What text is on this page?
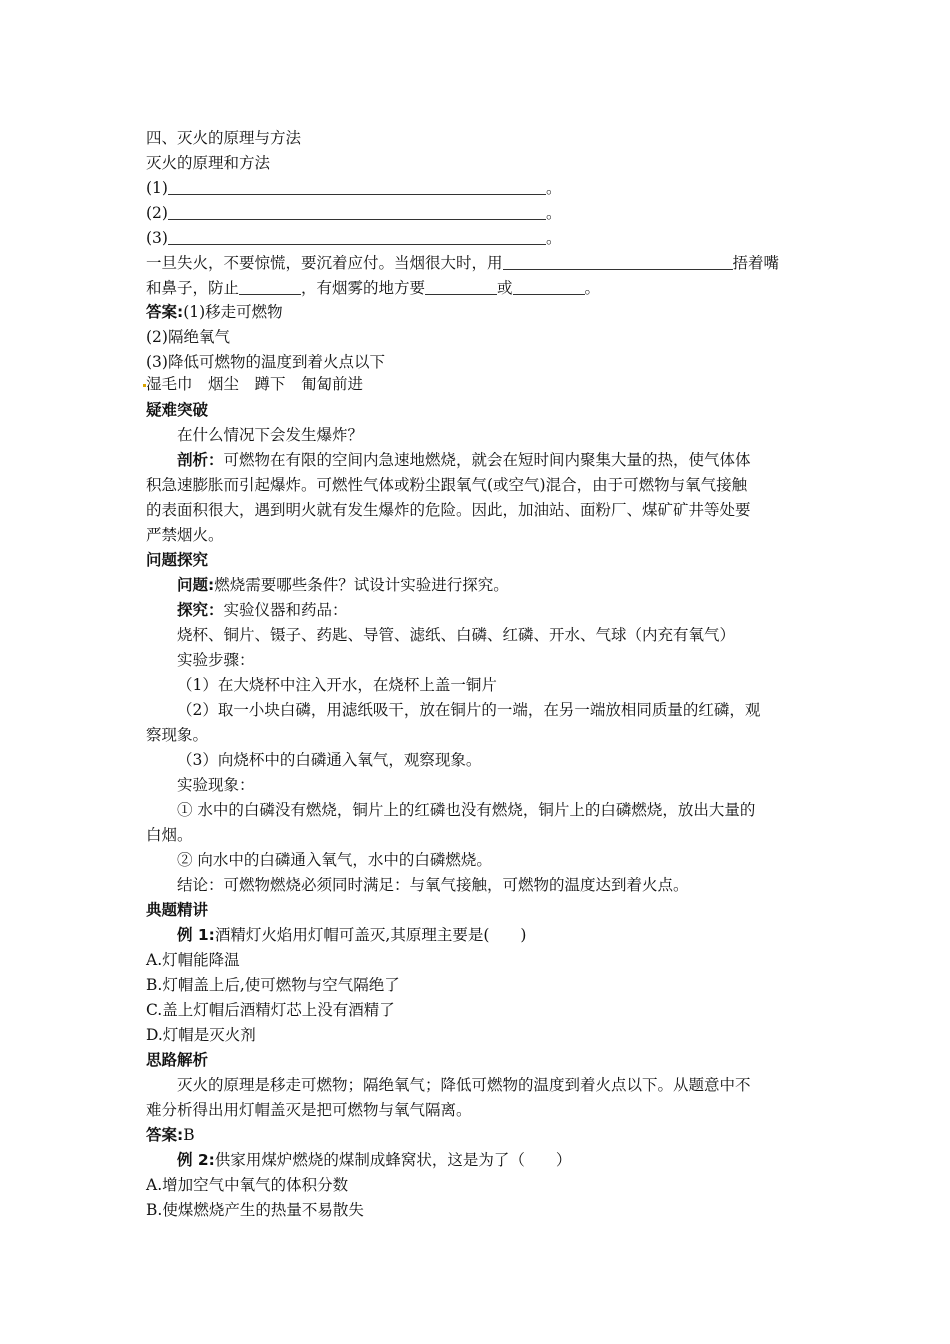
四、灭火的原理与方法
灭火的原理和方法
(1)	。
(2)	。
(3)	。
一旦失火，不要惊慌，要沉着应付。当烟很大时，用	捂着嘴
和鼻子，防止	，有烟雾的地方要	或	。
答案:(1)移走可燃物
(2)隔绝氧气
(3)降低可燃物的温度到着火点以下
湿毛巾　烟尘　蹲下　匍匐前进
疑难突破
在什么情况下会发生爆炸？
剖析：可燃物在有限的空间内急速地燃烧，就会在短时间内聚集大量的热，使气体体
积急速膨胀而引起爆炸。可燃性气体或粉尘跟氧气(或空气)混合，由于可燃物与氧气接触
的表面积很大，遇到明火就有发生爆炸的危险。因此，加油站、面粉厂、煤矿矿井等处要
严禁烟火。
问题探究
问题:燃烧需要哪些条件？试设计实验进行探究。
探究：实验仪器和药品：
烧杯、铜片、镊子、药匙、导管、滤纸、白磷、红磷、开水、气球（内充有氧气）
实验步骤：
（1）在大烧杯中注入开水，在烧杯上盖一铜片
（2）取一小块白磷，用滤纸吸干，放在铜片的一端，在另一端放相同质量的红磷，观
察现象。
（3）向烧杯中的白磷通入氧气，观察现象。
实验现象：
① 水中的白磷没有燃烧，铜片上的红磷也没有燃烧，铜片上的白磷燃烧，放出大量的
白烟。
② 向水中的白磷通入氧气，水中的白磷燃烧。
结论：可燃物燃烧必须同时满足：与氧气接触，可燃物的温度达到着火点。
典题精讲
例 1:酒精灯火焰用灯帽可盖灭,其原理主要是(　　)
A.灯帽能降温
B.灯帽盖上后,使可燃物与空气隔绝了
C.盖上灯帽后酒精灯芯上没有酒精了
D.灯帽是灭火剂
思路解析
灭火的原理是移走可燃物；隔绝氧气；降低可燃物的温度到着火点以下。从题意中不
难分析得出用灯帽盖灭是把可燃物与氧气隔离。
答案:B
例 2:供家用煤炉燃烧的煤制成蜂窝状，这是为了（　　）
A.增加空气中氧气的体积分数
B.使煤燃烧产生的热量不易散失
